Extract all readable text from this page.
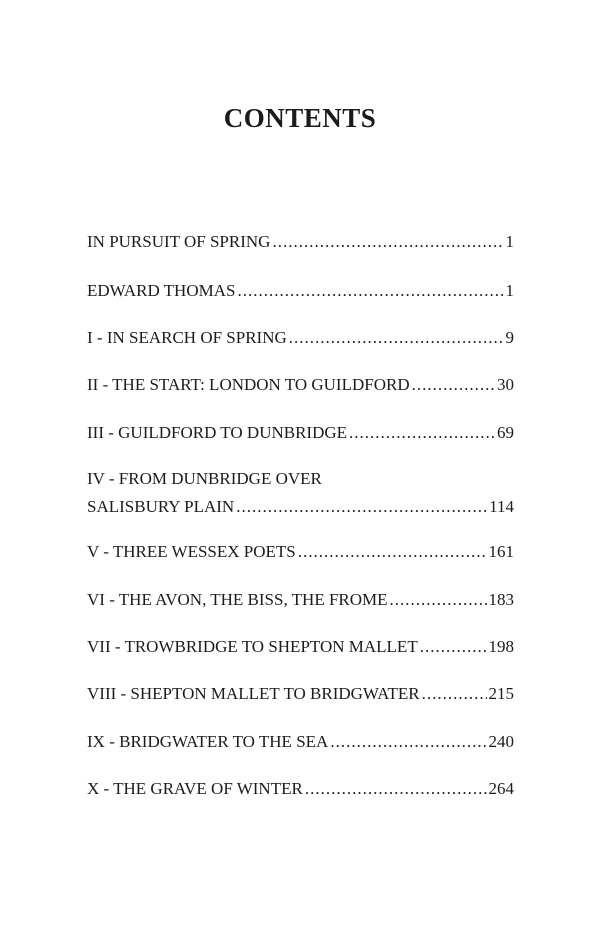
CONTENTS
IN PURSUIT OF SPRING .....	1
EDWARD THOMAS .....	1
I - IN SEARCH OF SPRING .....	9
II - THE START: LONDON TO GUILDFORD .....	30
III - GUILDFORD TO DUNBRIDGE .....	69
IV - FROM DUNBRIDGE OVER
SALISBURY PLAIN .....	114
V - THREE WESSEX POETS .....	161
VI - THE AVON, THE BISS, THE FROME .....	183
VII - TROWBRIDGE TO SHEPTON MALLET .....	198
VIII - SHEPTON MALLET TO BRIDGWATER .....	215
IX - BRIDGWATER TO THE SEA .....	240
X - THE GRAVE OF WINTER .....	264
